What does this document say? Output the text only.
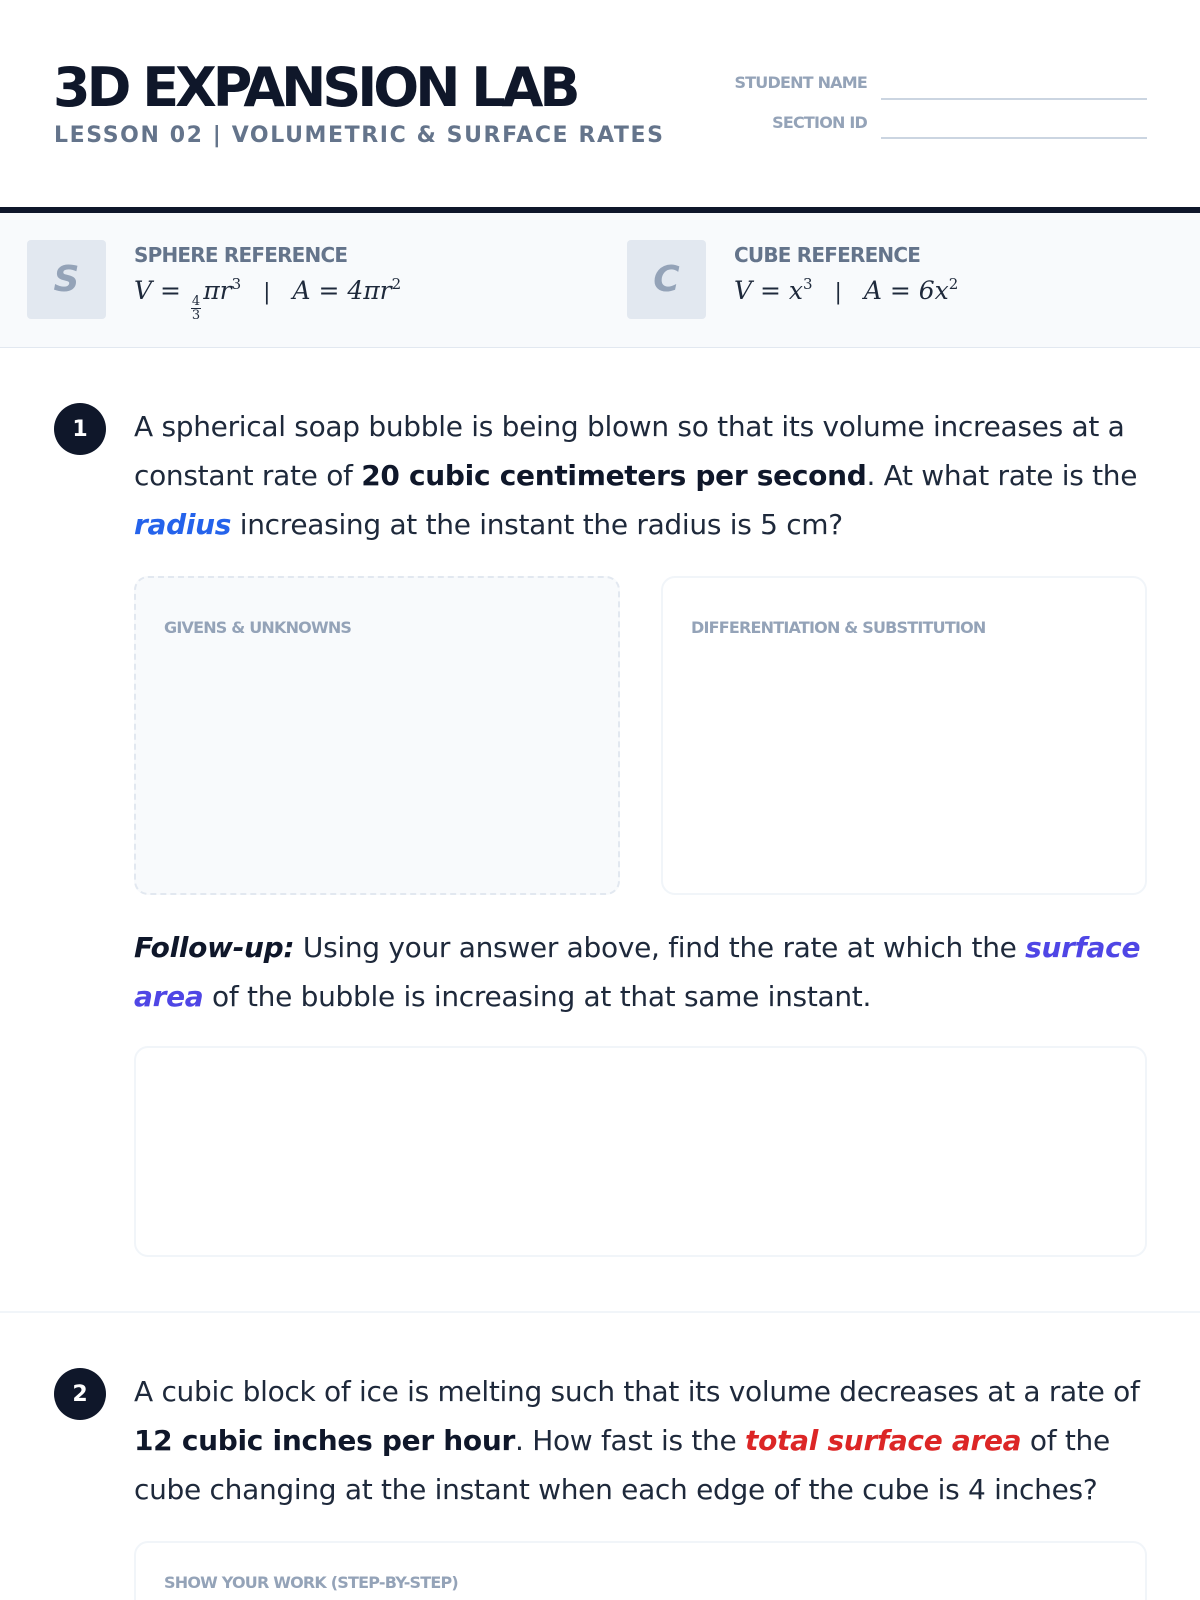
3D EXPANSION LAB
LESSON 02 | VOLUMETRIC & SURFACE RATES
STUDENT NAME
SECTION ID
S
SPHERE REFERENCE
V =
$\frac{4}{3}$
$\pi r^3$ | $A = 4\pi r^2$	C
CUBE REFERENCE
$V = x^3$ | $A = 6x^2$
1	A spherical soap bubble is being blown so that its volume increases at a constant rate of 20 cubic centimeters per second. At what rate is the radius increasing at the instant the radius is 5 cm?
GIVENS & UNKNOWNS	DIFFERENTIATION & SUBSTITUTION
Follow-up: Using your answer above, find the rate at which the surface area of the bubble is increasing at that same instant.
2	A cubic block of ice is melting such that its volume decreases at a rate of 12 cubic inches per hour. How fast is the total surface area of the cube changing at the instant when each edge of the cube is 4 inches?
SHOW YOUR WORK (STEP-BY-STEP)
